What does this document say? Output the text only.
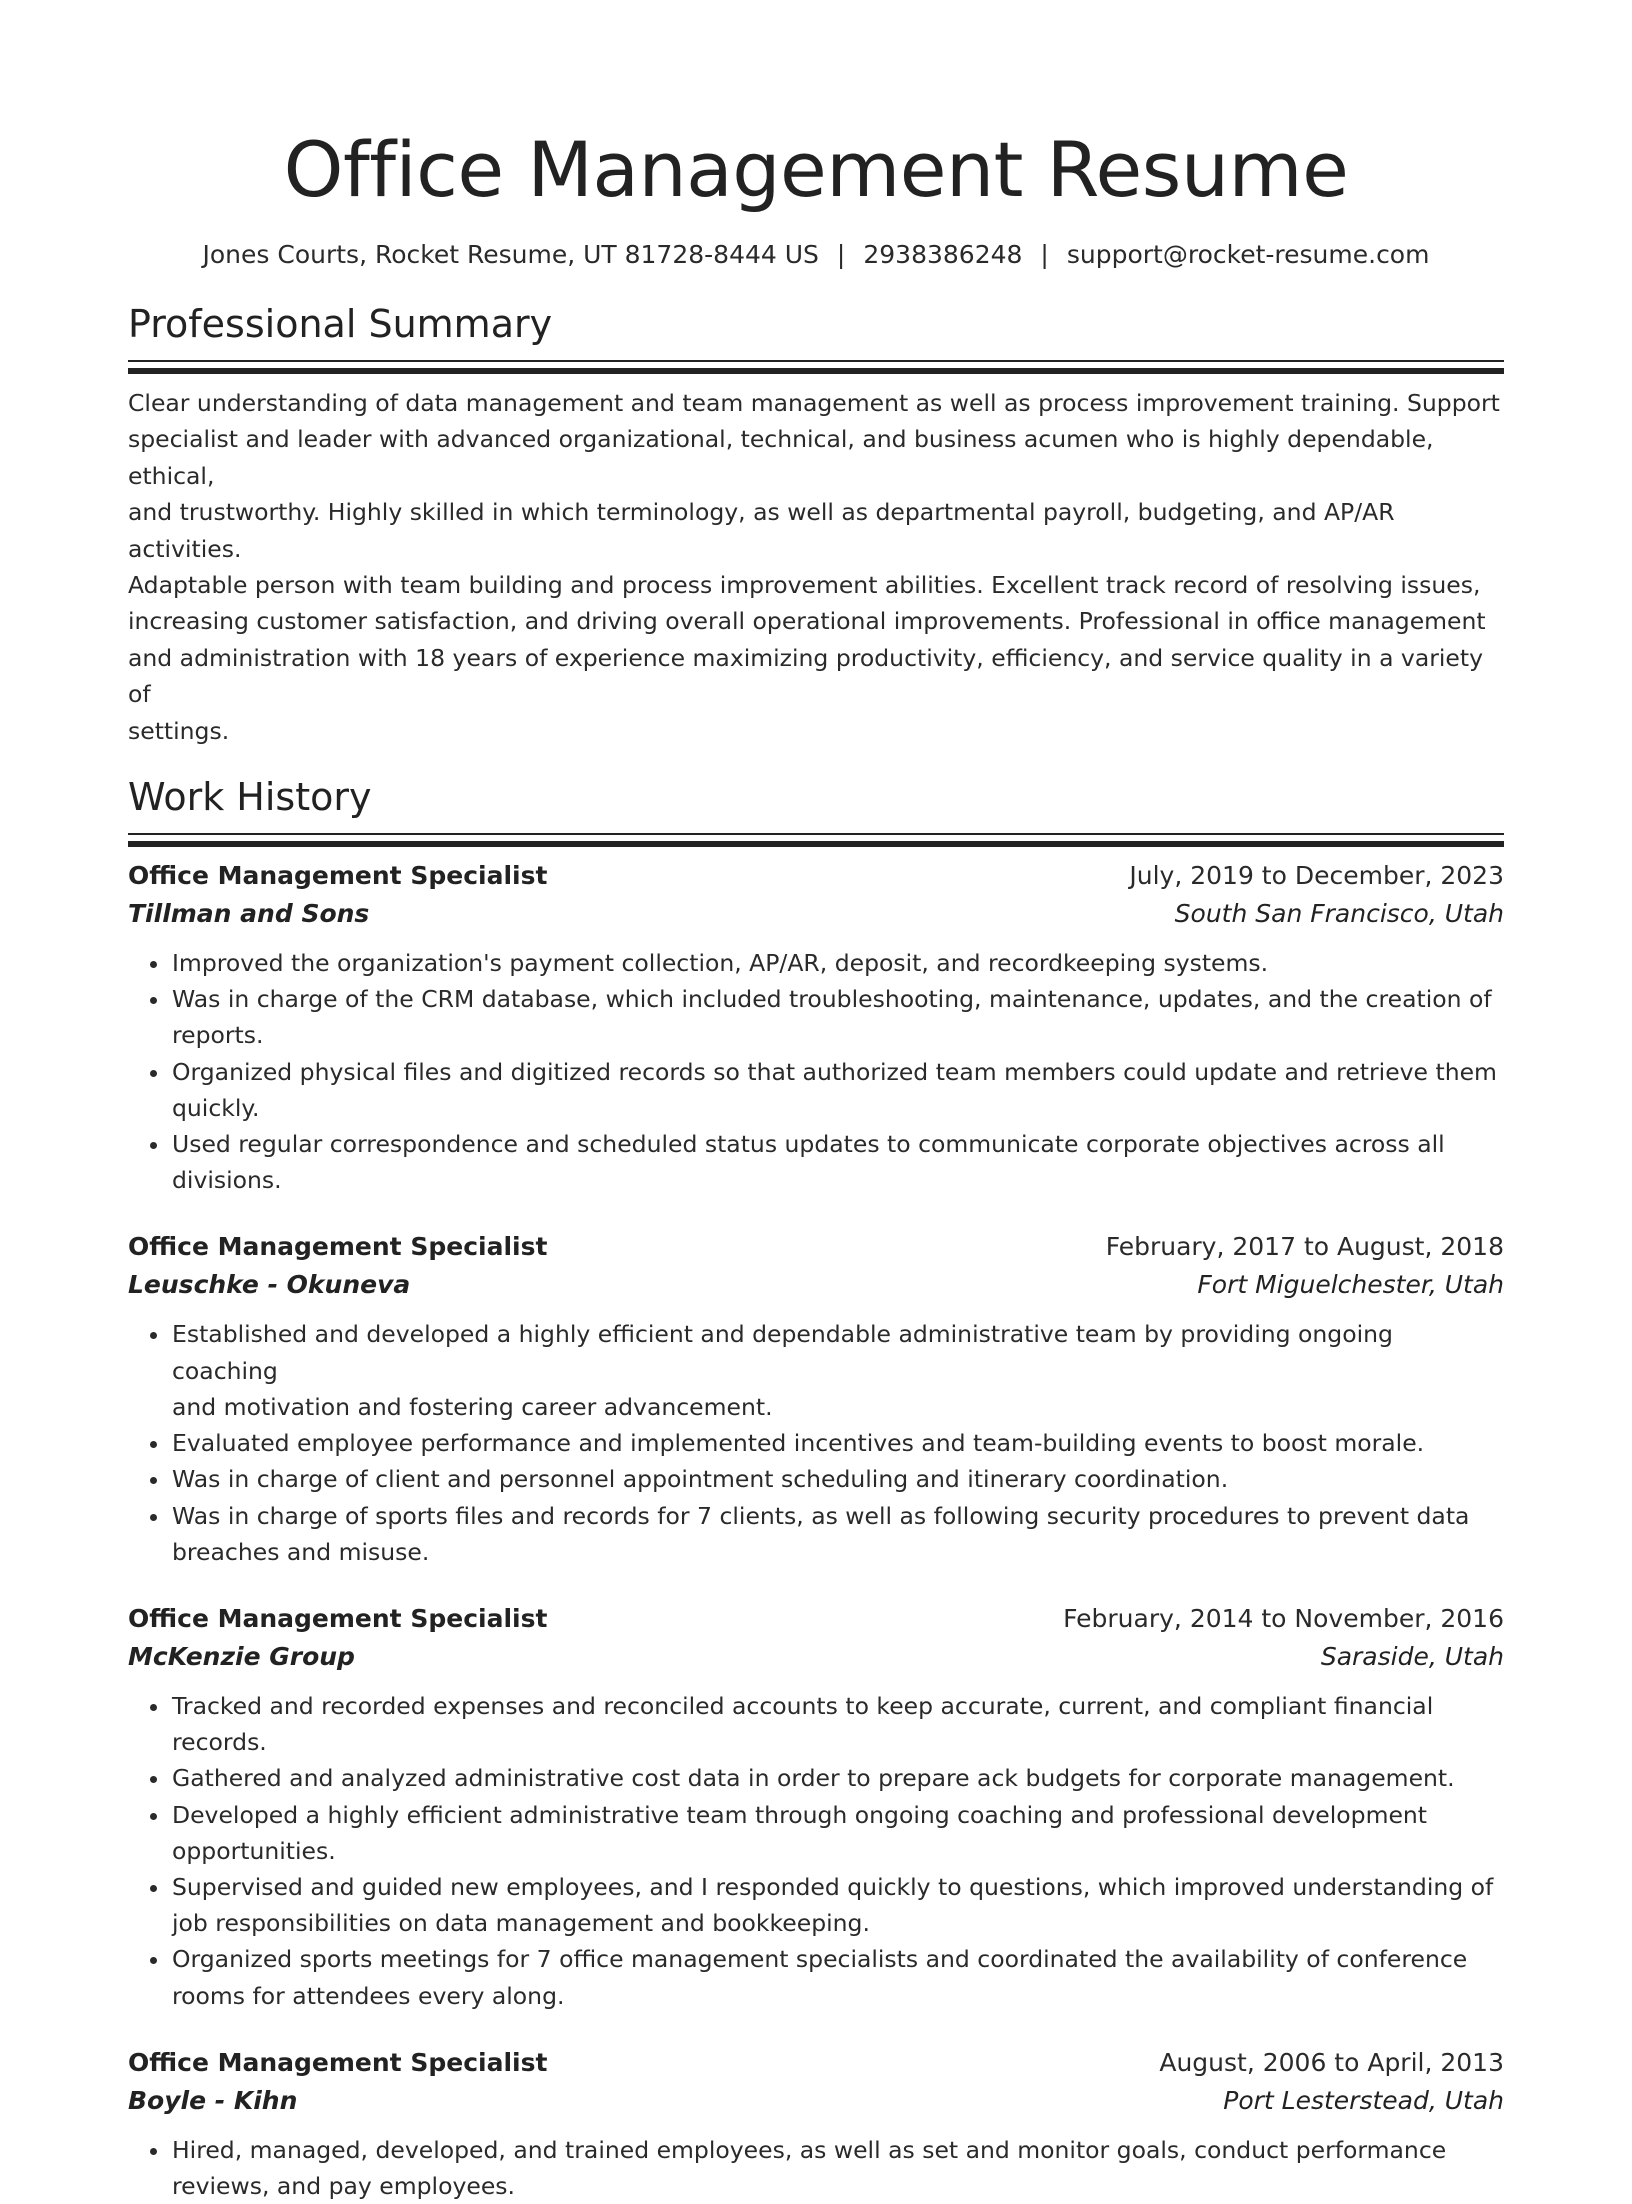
Office Management Resume
Jones Courts, Rocket Resume, UT 81728-8444 US | 2938386248 | support@rocket-resume.com
Professional Summary
Clear understanding of data management and team management as well as process improvement training. Support
specialist and leader with advanced organizational, technical, and business acumen who is highly dependable, ethical,
and trustworthy. Highly skilled in which terminology, as well as departmental payroll, budgeting, and AP/AR activities.
Adaptable person with team building and process improvement abilities. Excellent track record of resolving issues,
increasing customer satisfaction, and driving overall operational improvements. Professional in office management
and administration with 18 years of experience maximizing productivity, efficiency, and service quality in a variety of
settings.
Work History
Office Management Specialist	July, 2019 to December, 2023
Tillman and Sons	South San Francisco, Utah
• Improved the organization's payment collection, AP/AR, deposit, and recordkeeping systems.
• Was in charge of the CRM database, which included troubleshooting, maintenance, updates, and the creation of
reports.
• Organized physical files and digitized records so that authorized team members could update and retrieve them
quickly.
• Used regular correspondence and scheduled status updates to communicate corporate objectives across all
divisions.
Office Management Specialist	February, 2017 to August, 2018
Leuschke - Okuneva	Fort Miguelchester, Utah
• Established and developed a highly efficient and dependable administrative team by providing ongoing coaching
and motivation and fostering career advancement.
• Evaluated employee performance and implemented incentives and team-building events to boost morale.
• Was in charge of client and personnel appointment scheduling and itinerary coordination.
• Was in charge of sports files and records for 7 clients, as well as following security procedures to prevent data
breaches and misuse.
Office Management Specialist	February, 2014 to November, 2016
McKenzie Group	Saraside, Utah
• Tracked and recorded expenses and reconciled accounts to keep accurate, current, and compliant financial
records.
• Gathered and analyzed administrative cost data in order to prepare ack budgets for corporate management.
• Developed a highly efficient administrative team through ongoing coaching and professional development
opportunities.
• Supervised and guided new employees, and I responded quickly to questions, which improved understanding of
job responsibilities on data management and bookkeeping.
• Organized sports meetings for 7 office management specialists and coordinated the availability of conference
rooms for attendees every along.
Office Management Specialist	August, 2006 to April, 2013
Boyle - Kihn	Port Lesterstead, Utah
• Hired, managed, developed, and trained employees, as well as set and monitor goals, conduct performance
reviews, and pay employees.
